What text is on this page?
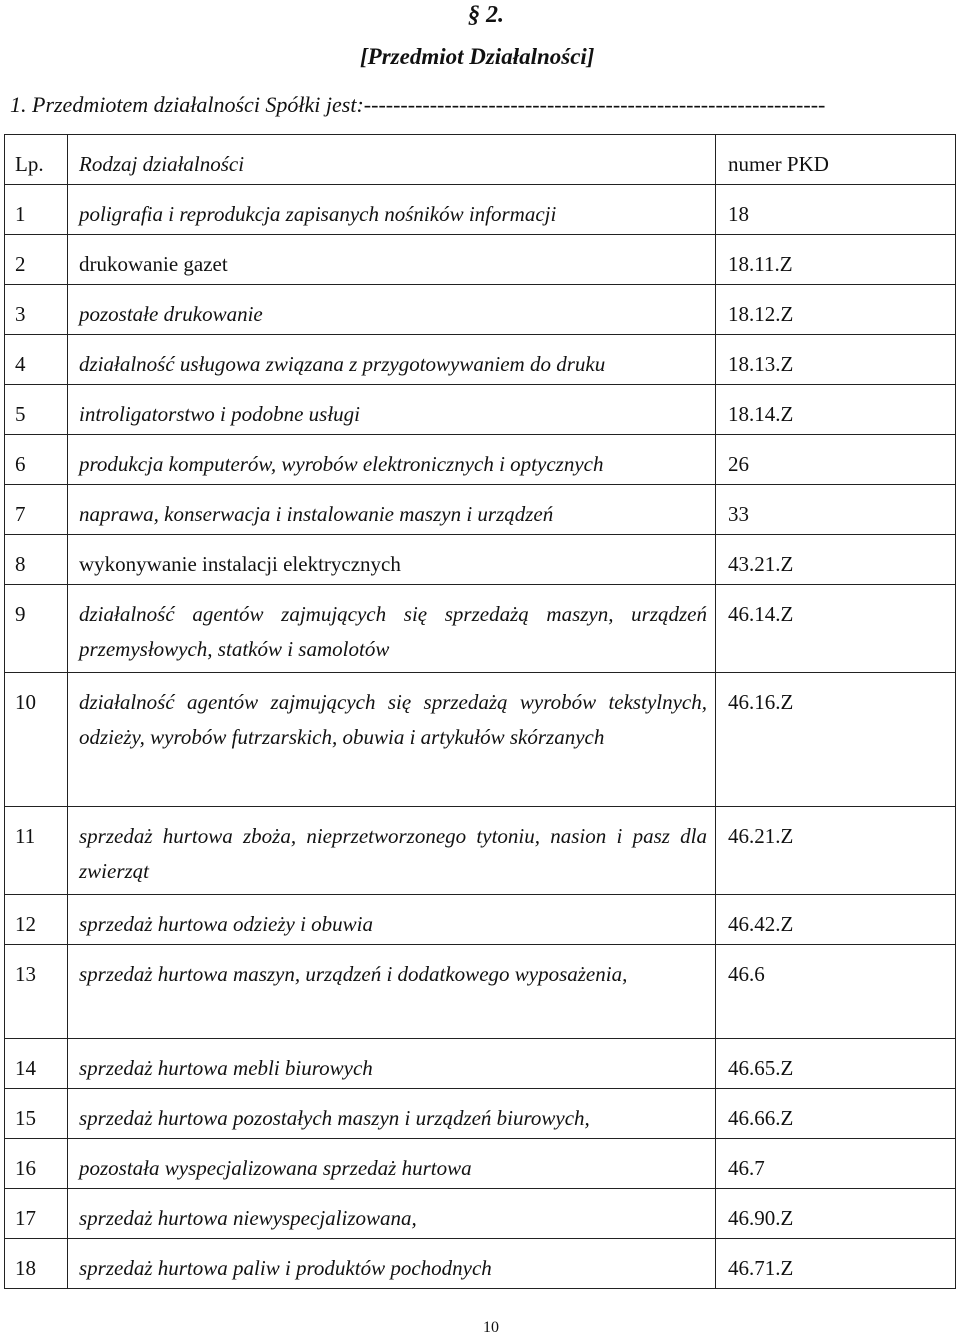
§ 2.
[Przedmiot Działalności]
1. Przedmiotem działalności Spółki jest:---------------------------------------------------------------
Lp.	Rodzaj działalności	numer PKD
1	poligrafia i reprodukcja zapisanych nośników informacji	18
2	drukowanie gazet	18.11.Z
3	pozostałe drukowanie	18.12.Z
4	działalność usługowa związana z przygotowywaniem do druku	18.13.Z
5	introligatorstwo i podobne usługi	18.14.Z
6	produkcja komputerów, wyrobów elektronicznych i optycznych	26
7	naprawa, konserwacja i instalowanie maszyn i urządzeń	33
8	wykonywanie instalacji elektrycznych	43.21.Z
9	działalność agentów zajmujących się sprzedażą maszyn, urządzeń przemysłowych, statków i samolotów	46.14.Z
10	działalność agentów zajmujących się sprzedażą wyrobów tekstylnych, odzieży, wyrobów futrzarskich, obuwia i artykułów skórzanych	46.16.Z
11	sprzedaż hurtowa zboża, nieprzetworzonego tytoniu, nasion i pasz dla zwierząt	46.21.Z
12	sprzedaż hurtowa odzieży i obuwia	46.42.Z
13	sprzedaż hurtowa maszyn, urządzeń i dodatkowego wyposażenia,	46.6
14	sprzedaż hurtowa mebli biurowych	46.65.Z
15	sprzedaż hurtowa pozostałych maszyn i urządzeń biurowych,	46.66.Z
16	pozostała wyspecjalizowana sprzedaż hurtowa	46.7
17	sprzedaż hurtowa niewyspecjalizowana,	46.90.Z
18	sprzedaż hurtowa paliw i produktów pochodnych	46.71.Z
10
